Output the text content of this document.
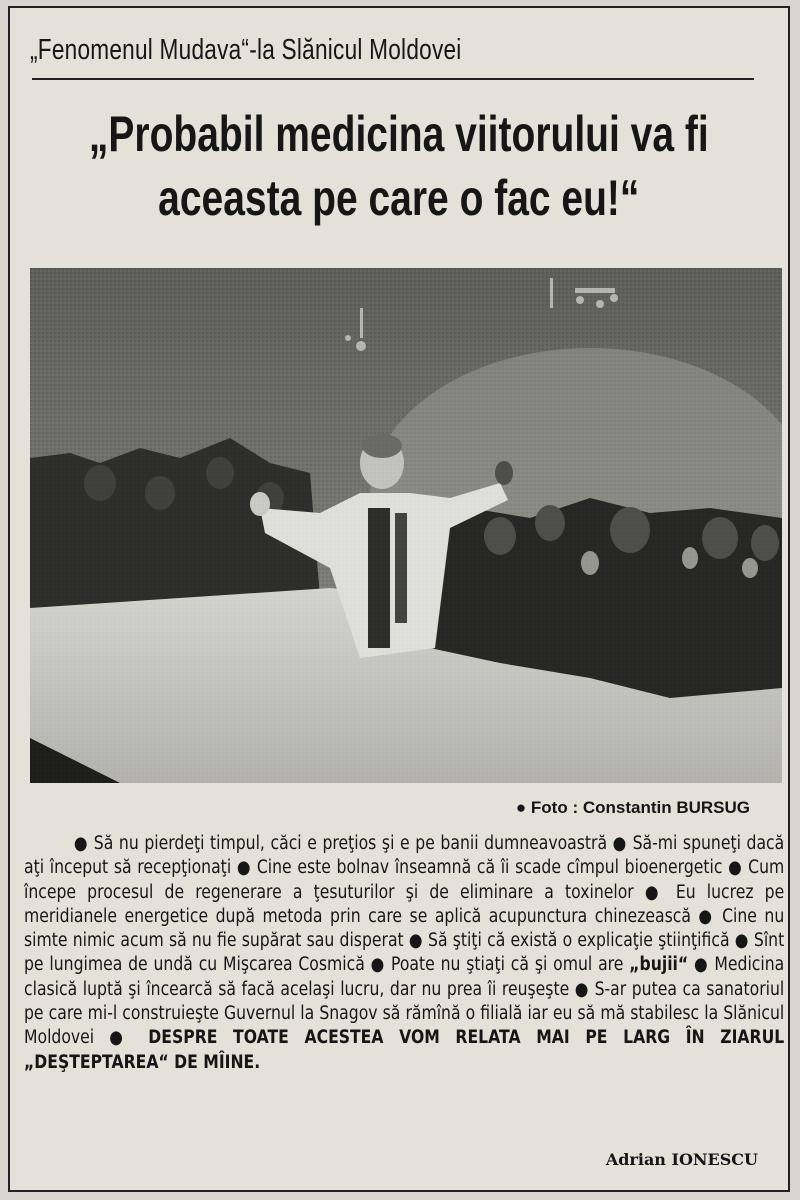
„Fenomenul Mudava“-la Slănicul Moldovei
„Probabil medicina viitorului va fi
aceasta pe care o fac eu!“
● Foto : Constantin BURSUG

● Să nu pierdeţi timpul, căci e preţios şi e pe banii dumneavoastră ● Să-mi spuneţi dacă aţi început să recepţionaţi ● Cine este bolnav înseamnă că îi scade cîmpul bioenergetic ● Cum începe procesul de regenerare a ţesuturilor şi de eliminare a toxinelor ● Eu lucrez pe meridianele energetice după metoda prin care se aplică acupunctura chinezească ● Cine nu simte nimic acum să nu fie supărat sau disperat ● Să ştiţi că există o explicaţie ştiinţifică ● Sînt pe lungimea de undă cu Mişcarea Cosmică ● Poate nu ştiaţi că şi omul are „bujii“ ● Medicina clasică luptă şi încearcă să facă acelaşi lucru, dar nu prea îi reuşeşte ● S-ar putea ca sanatoriul pe care mi-l construieşte Guvernul la Snagov să rămînă o filială iar eu să mă stabilesc la Slănicul Moldovei ● DESPRE TOATE ACESTEA VOM RELATA MAI PE LARG ÎN ZIARUL „DEŞTEPTAREA“ DE MÎINE.

Adrian IONESCU
